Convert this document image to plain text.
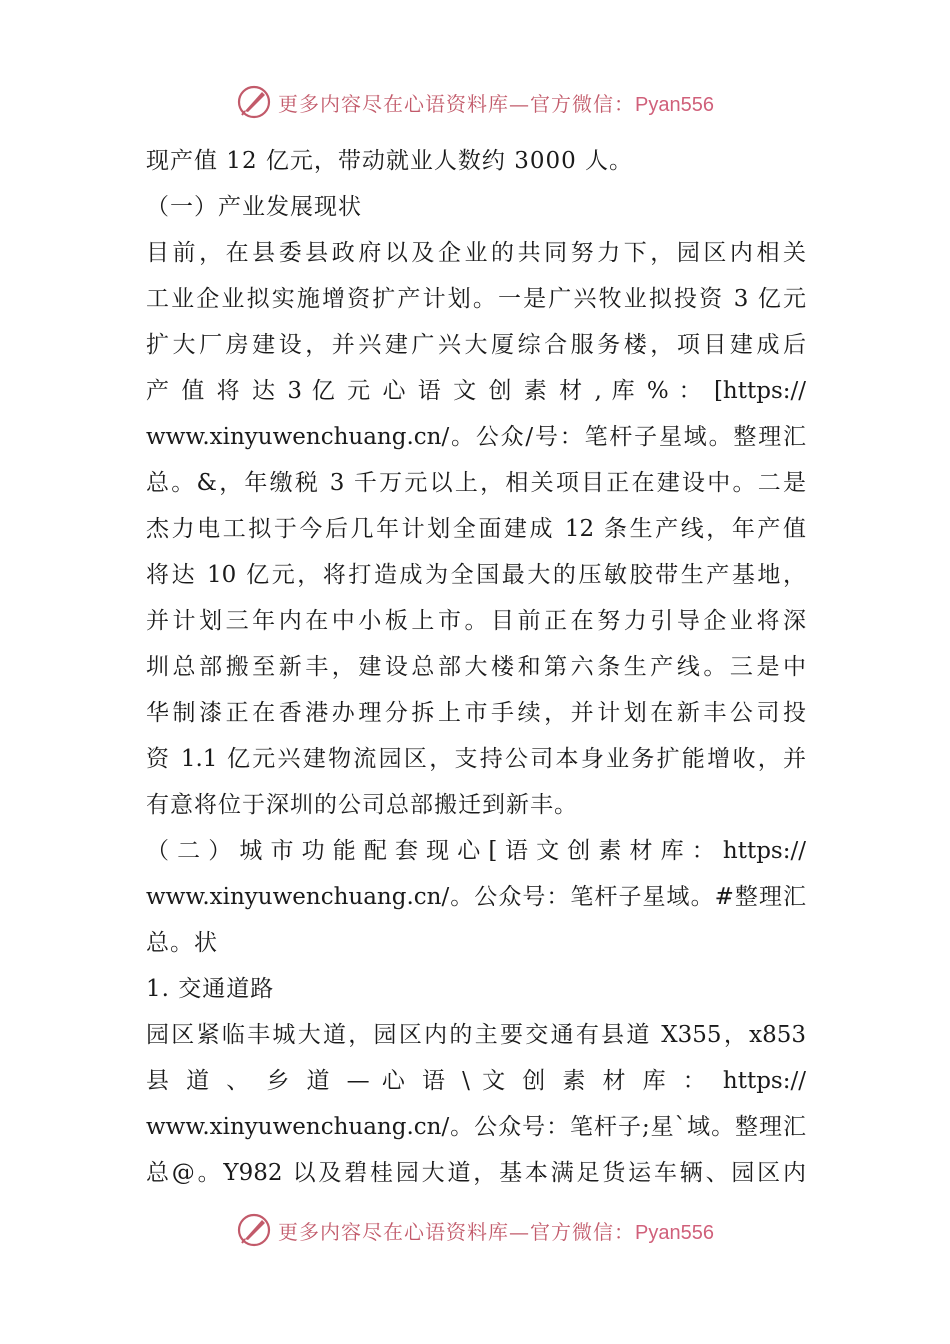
更多内容尽在心语资料库—官方微信：Pyan556
现产值 12 亿元，带动就业人数约 3000 人。
（一）产业发展现状
目前，在县委县政府以及企业的共同努力下，园区内相关
工业企业拟实施增资扩产计划。一是广兴牧业拟投资 3 亿元
扩大厂房建设，并兴建广兴大厦综合服务楼，项目建成后
产 值 将 达 3 亿 元 心 语 文 创 素 材 , 库 % ： [https://
www.xinyuwenchuang.cn/。公众/号：笔杆子星域。整理汇
总。&，年缴税 3 千万元以上，相关项目正在建设中。二是
杰力电工拟于今后几年计划全面建成 12 条生产线，年产值
将达 10 亿元，将打造成为全国最大的压敏胶带生产基地，
并计划三年内在中小板上市。目前正在努力引导企业将深
圳总部搬至新丰，建设总部大楼和第六条生产线。三是中
华制漆正在香港办理分拆上市手续，并计划在新丰公司投
资 1.1 亿元兴建物流园区，支持公司本身业务扩能增收，并
有意将位于深圳的公司总部搬迁到新丰。
（ 二 ） 城 市 功 能 配 套 现 心 [ 语 文 创 素 材 库 ： https://
www.xinyuwenchuang.cn/。公众号：笔杆子星域。#整理汇
总。状
1. 交通道路
园区紧临丰城大道，园区内的主要交通有县道 X355，x853
县 道 、 乡 道 — 心 语 \ 文 创 素 材 库 ： https://
www.xinyuwenchuang.cn/。公众号：笔杆子;星`域。整理汇
总@。Y982 以及碧桂园大道，基本满足货运车辆、园区内
更多内容尽在心语资料库—官方微信：Pyan556
